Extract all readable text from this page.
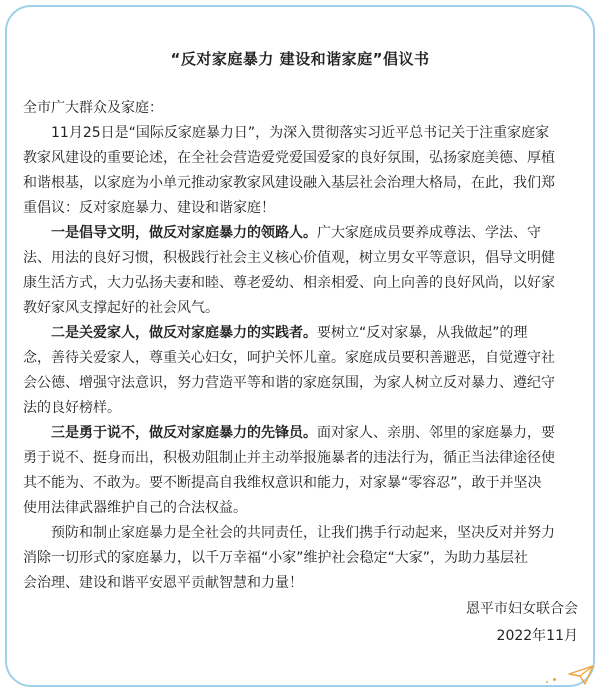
“反对家庭暴力 建设和谐家庭”倡议书
全市广大群众及家庭：
11月25日是“国际反家庭暴力日”，为深入贯彻落实习近平总书记关于注重家庭家
教家风建设的重要论述，在全社会营造爱党爱国爱家的良好氛围，弘扬家庭美德、厚植
和谐根基，以家庭为小单元推动家教家风建设融入基层社会治理大格局，在此，我们郑
重倡议：反对家庭暴力、建设和谐家庭！
一是倡导文明，做反对家庭暴力的领路人。广大家庭成员要养成尊法、学法、守
法、用法的良好习惯，积极践行社会主义核心价值观，树立男女平等意识，倡导文明健
康生活方式，大力弘扬夫妻和睦、尊老爱幼、相亲相爱、向上向善的良好风尚，以好家
教好家风支撑起好的社会风气。
二是关爱家人，做反对家庭暴力的实践者。要树立“反对家暴，从我做起”的理
念，善待关爱家人，尊重关心妇女，呵护关怀儿童。家庭成员要积善避恶，自觉遵守社
会公德、增强守法意识，努力营造平等和谐的家庭氛围，为家人树立反对暴力、遵纪守
法的良好榜样。
三是勇于说不，做反对家庭暴力的先锋员。面对家人、亲朋、邻里的家庭暴力，要
勇于说不、挺身而出，积极劝阻制止并主动举报施暴者的违法行为，循正当法律途径使
其不能为、不敢为。要不断提高自我维权意识和能力，对家暴“零容忍”，敢于并坚决
使用法律武器维护自己的合法权益。
预防和制止家庭暴力是全社会的共同责任，让我们携手行动起来，坚决反对并努力
消除一切形式的家庭暴力，以千万幸福“小家”维护社会稳定“大家”，为助力基层社
会治理、建设和谐平安恩平贡献智慧和力量！
恩平市妇女联合会
2022年11月
